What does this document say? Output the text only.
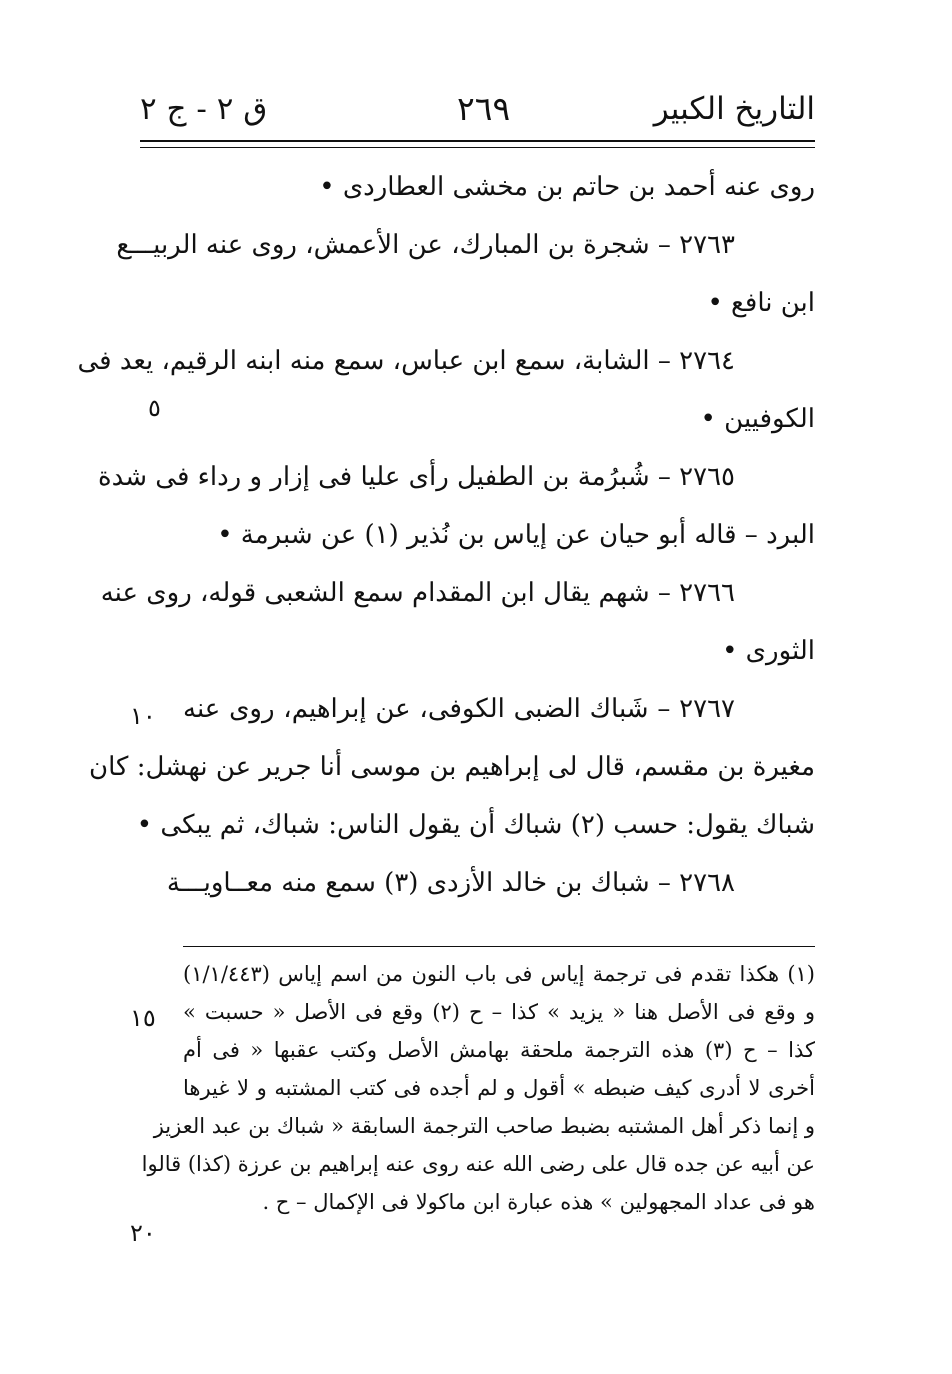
التاريخ الكبير
٢٦٩
ق ٢ - ج ٢
روى عنه أحمد بن حاتم بن مخشى العطاردى •
٢٧٦٣ – شجرة بن المبارك، عن الأعمش، روى عنه الربيـــع
ابن نافع •
٢٧٦٤ – الشابة، سمع ابن عباس، سمع منه ابنه الرقيم، يعد فى
الكوفيين •
٢٧٦٥ – شُبرُمة بن الطفيل رأى عليا فى إزار و رداء فى شدة
البرد – قاله أبو حيان عن إياس بن نُذير (١) عن شبرمة •
٢٧٦٦ – شهم يقال ابن المقدام سمع الشعبى قوله، روى عنه
الثورى •
٢٧٦٧ – شَباك الضبى الكوفى، عن إبراهيم، روى عنه
مغيرة بن مقسم، قال لى إبراهيم بن موسى أنا جرير عن نهشل: كان
شباك يقول: حسب (٢) شباك أن يقول الناس: شباك، ثم يبكى •
٢٧٦٨ – شباك بن خالد الأزدى (٣) سمع منه معــاويـــة
٥
١٠
١٥
٢٠
(١) هكذا تقدم فى ترجمة إياس فى باب النون من اسم إياس (١/١/٤٤٣)
و وقع فى الأصل هنا « يزيد » كذا – ح (٢) وقع فى الأصل « حسبت »
كذا – ح (٣) هذه الترجمة ملحقة بهامش الأصل وكتب عقبها « فى أم
أخرى لا أدرى كيف ضبطه » أقول و لم أجده فى كتب المشتبه و لا غيرها
و إنما ذكر أهل المشتبه بضبط صاحب الترجمة السابقة « شباك بن عبد العزيز
عن أبيه عن جده قال على رضى الله عنه روى عنه إبراهيم بن عرزة (كذا) قالوا
هو فى عداد المجهولين » هذه عبارة ابن ماكولا فى الإكمال – ح .
